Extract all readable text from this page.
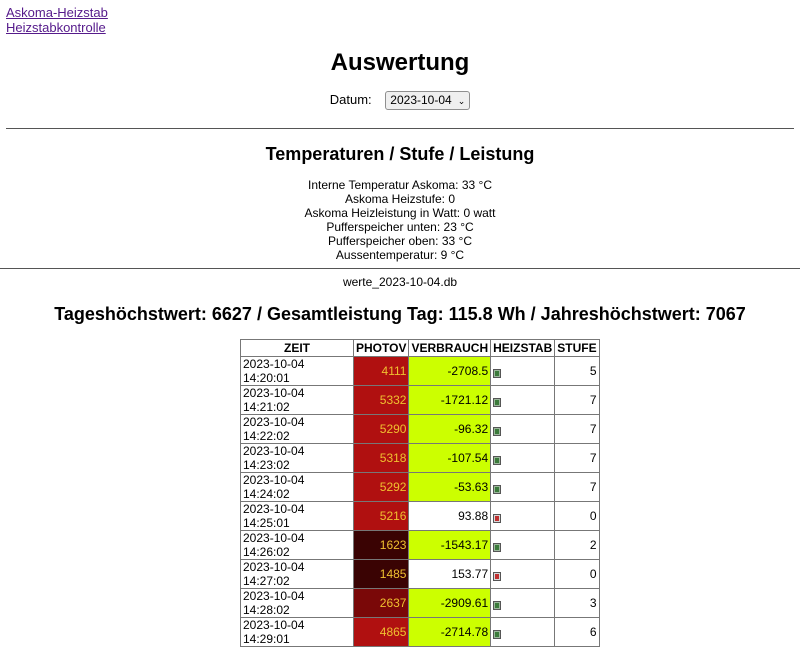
Askoma-Heizstab
Heizstabkontrolle
Auswertung
Datum: 2023-10-04 ⌄
Temperaturen / Stufe / Leistung
Interne Temperatur Askoma: 33 °C
Askoma Heizstufe: 0
Askoma Heizleistung in Watt: 0 watt
Pufferspeicher unten: 23 °C
Pufferspeicher oben: 33 °C
Aussentemperatur: 9 °C
werte_2023-10-04.db
Tageshöchstwert: 6627 / Gesamtleistung Tag: 115.8 Wh / Jahreshöchstwert: 7067
ZEIT	PHOTOV	VERBRAUCH	HEIZSTAB	STUFE
2023-10-04 14:20:01	4111	-2708.5		5
2023-10-04 14:21:02	5332	-1721.12		7
2023-10-04 14:22:02	5290	-96.32		7
2023-10-04 14:23:02	5318	-107.54		7
2023-10-04 14:24:02	5292	-53.63		7
2023-10-04 14:25:01	5216	93.88		0
2023-10-04 14:26:02	1623	-1543.17		2
2023-10-04 14:27:02	1485	153.77		0
2023-10-04 14:28:02	2637	-2909.61		3
2023-10-04 14:29:01	4865	-2714.78		6
